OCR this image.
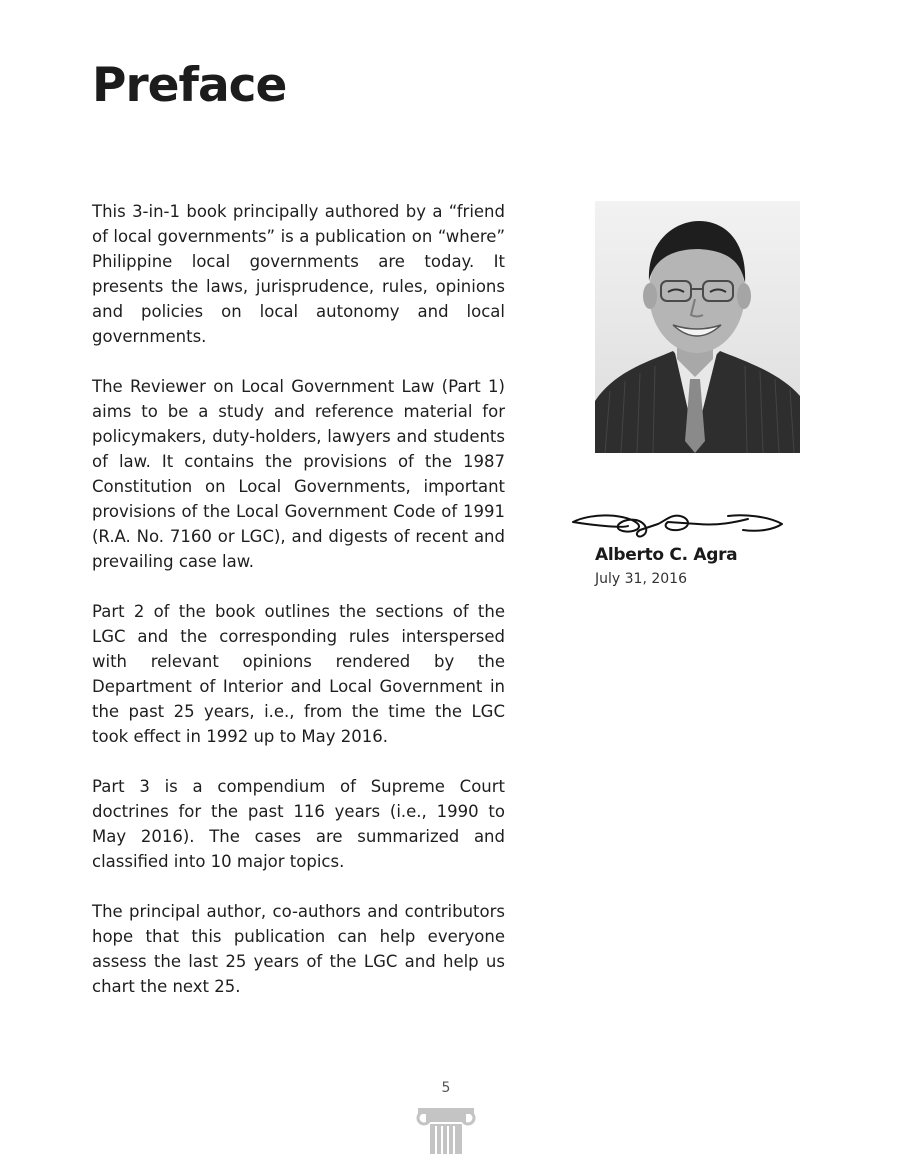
Preface

This 3-in-1 book principally authored by a “friend of local governments” is a publication on “where” Philippine local governments are today. It presents the laws, jurisprudence, rules, opinions and policies on local autonomy and local governments.

The Reviewer on Local Government Law (Part 1) aims to be a study and reference material for policymakers, duty-holders, lawyers and students of law. It contains the provisions of the 1987 Constitution on Local Governments, important provisions of the Local Government Code of 1991 (R.A. No. 7160 or LGC), and digests of recent and prevailing case law.

Part 2 of the book outlines the sections of the LGC and the corresponding rules interspersed with relevant opinions rendered by the Department of Interior and Local Government in the past 25 years, i.e., from the time the LGC took effect in 1992 up to May 2016.

Part 3 is a compendium of Supreme Court doctrines for the past 116 years (i.e., 1990 to May 2016). The cases are summarized and classified into 10 major topics.

The principal author, co-authors and contributors hope that this publication can help everyone assess the last 25 years of the LGC and help us chart the next 25.

Alberto C. Agra
July 31, 2016
5
